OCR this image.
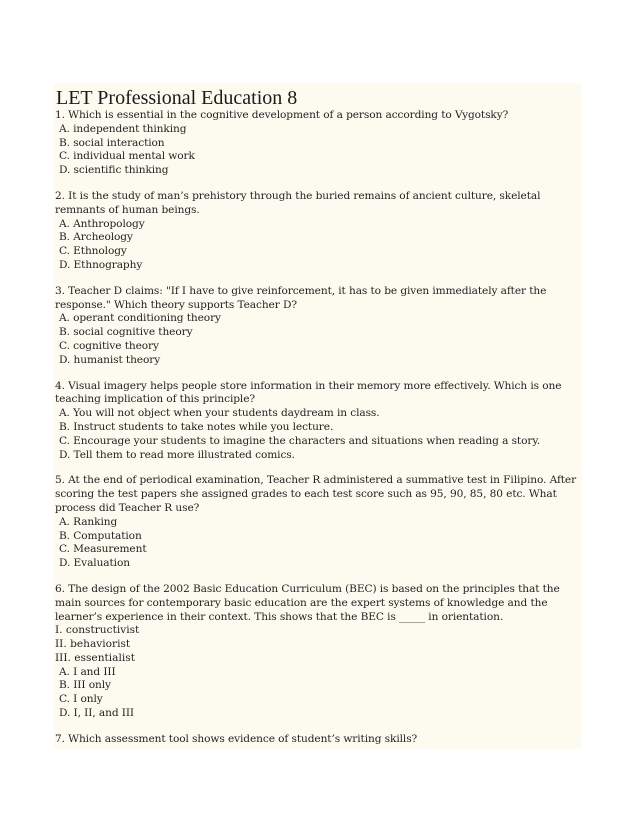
LET Professional Education 8
1. Which is essential in the cognitive development of a person according to Vygotsky?
A. independent thinking
B. social interaction
C. individual mental work
D. scientific thinking
2. It is the study of man’s prehistory through the buried remains of ancient culture, skeletal
remnants of human beings.
A. Anthropology
B. Archeology
C. Ethnology
D. Ethnography
3. Teacher D claims: "If I have to give reinforcement, it has to be given immediately after the
response." Which theory supports Teacher D?
A. operant conditioning theory
B. social cognitive theory
C. cognitive theory
D. humanist theory
4. Visual imagery helps people store information in their memory more effectively. Which is one
teaching implication of this principle?
A. You will not object when your students daydream in class.
B. Instruct students to take notes while you lecture.
C. Encourage your students to imagine the characters and situations when reading a story.
D. Tell them to read more illustrated comics.
5. At the end of periodical examination, Teacher R administered a summative test in Filipino. After
scoring the test papers she assigned grades to each test score such as 95, 90, 85, 80 etc. What
process did Teacher R use?
A. Ranking
B. Computation
C. Measurement
D. Evaluation
6. The design of the 2002 Basic Education Curriculum (BEC) is based on the principles that the
main sources for contemporary basic education are the expert systems of knowledge and the
learner’s experience in their context. This shows that the BEC is _____ in orientation.
I. constructivist
II. behaviorist
III. essentialist
A. I and III
B. III only
C. I only
D. I, II, and III
7. Which assessment tool shows evidence of student’s writing skills?
